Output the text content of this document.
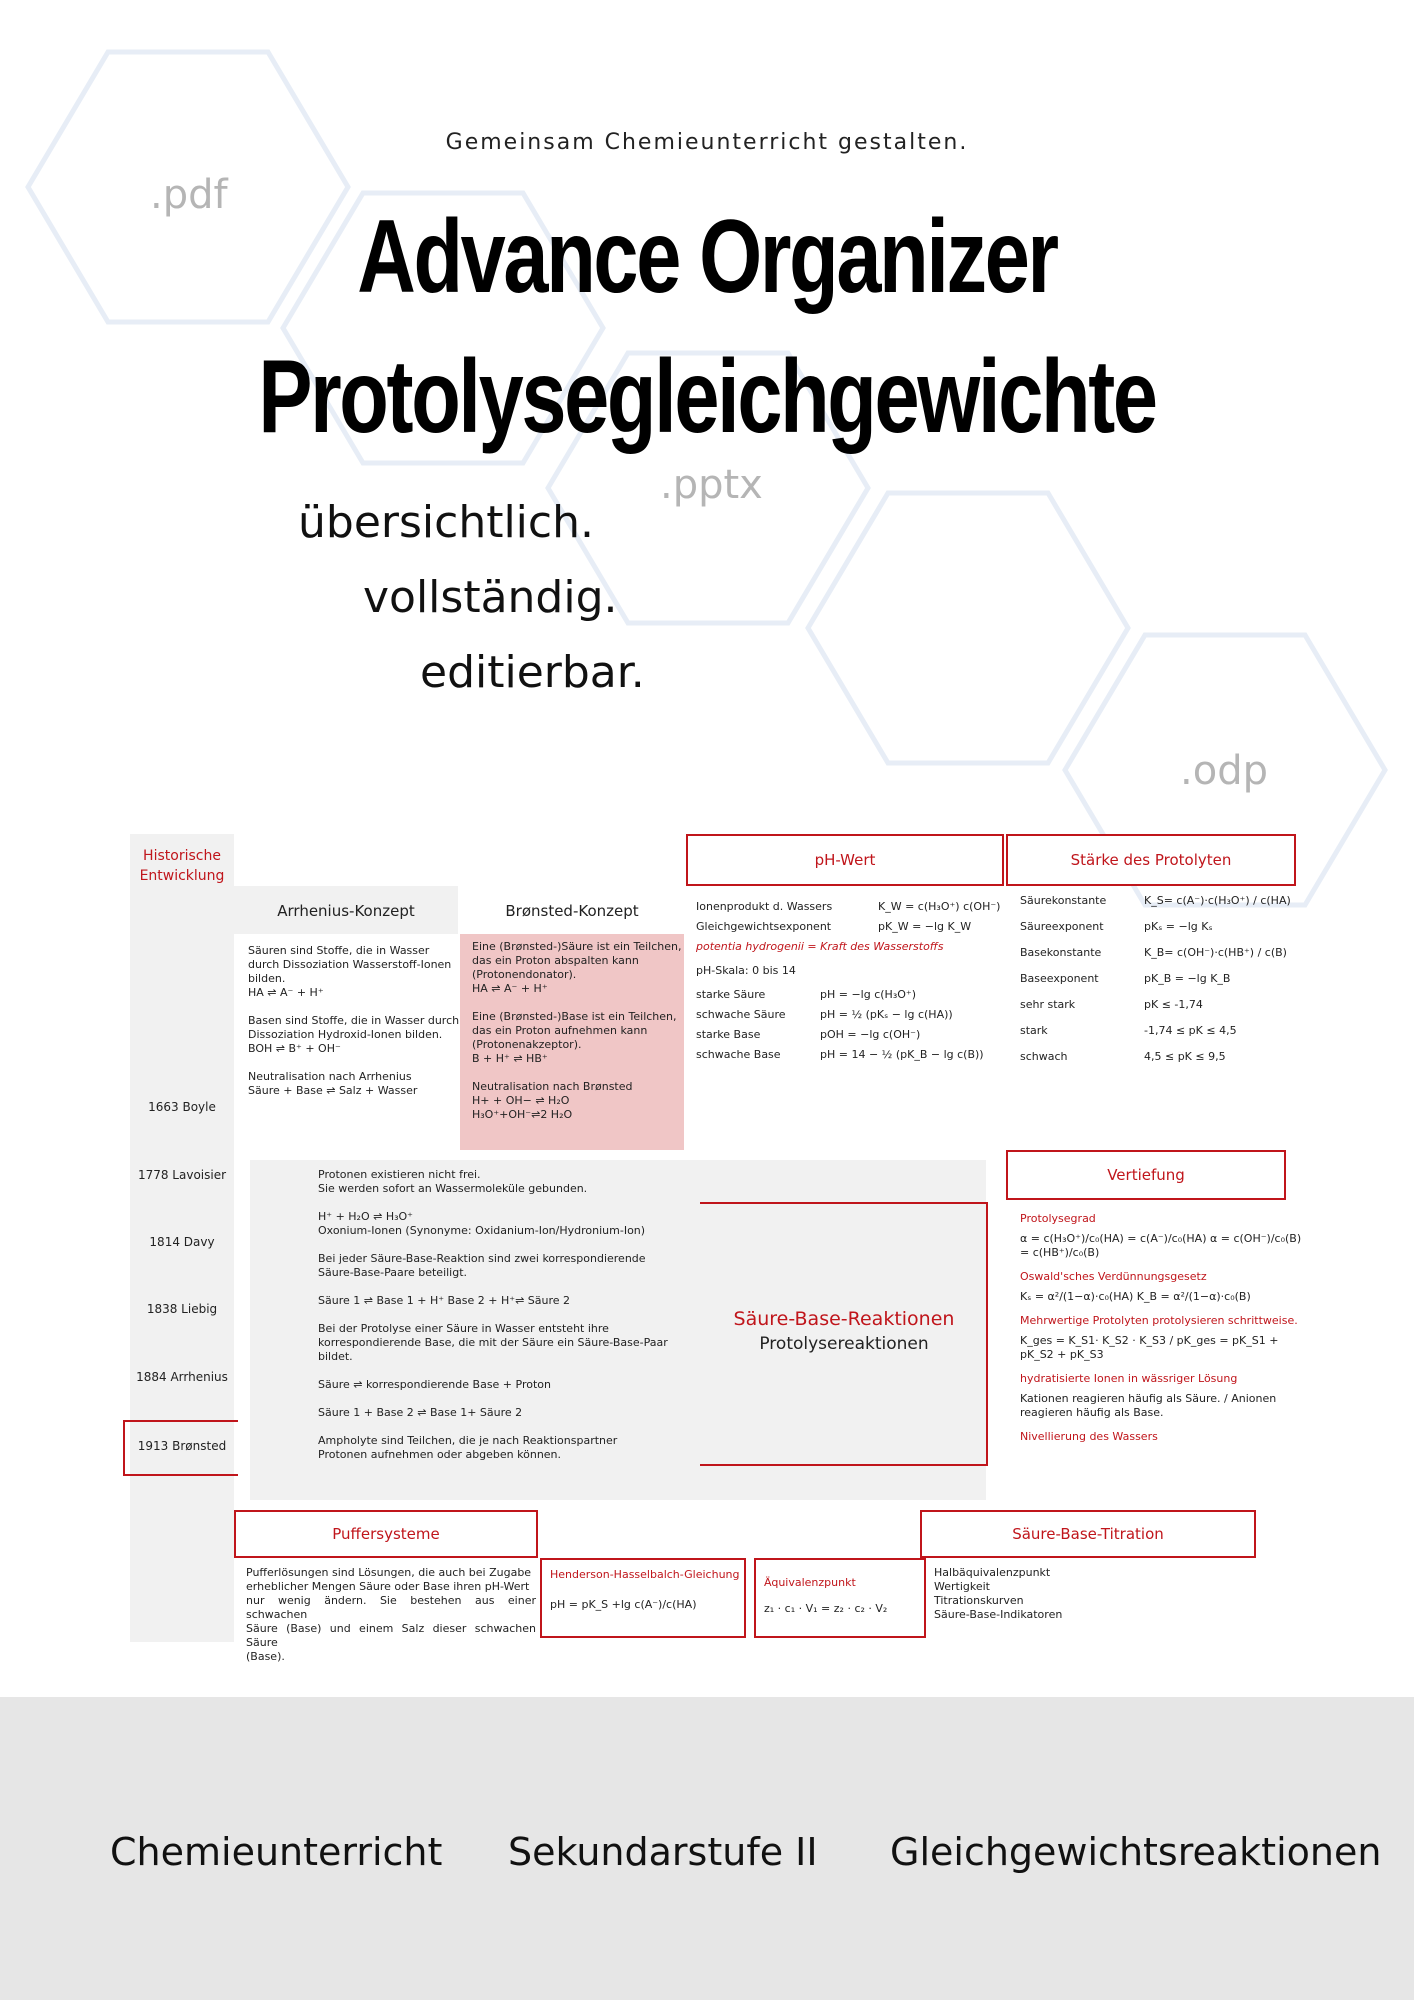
Gemeinsam Chemieunterricht gestalten.
.pdf
.pptx
.odp
Advance Organizer
Protolysegleichgewichte
übersichtlich.
vollständig.
editierbar.
Historische Entwicklung
1663 Boyle
1778 Lavoisier
1814 Davy
1838 Liebig
1884 Arrhenius
1913 Brønsted
Arrhenius-Konzept
Säuren sind Stoffe, die in Wasser
durch Dissoziation Wasserstoff-Ionen
bilden.
HA ⇌ A⁻ + H⁺

Basen sind Stoffe, die in Wasser durch
Dissoziation Hydroxid-Ionen bilden.
BOH ⇌ B⁺ + OH⁻

Neutralisation nach Arrhenius
Säure + Base ⇌ Salz + Wasser
Brønsted-Konzept
Eine (Brønsted-)Säure ist ein Teilchen,
das ein Proton abspalten kann
(Protonendonator).
HA ⇌ A⁻ + H⁺

Eine (Brønsted-)Base ist ein Teilchen,
das ein Proton aufnehmen kann
(Protonenakzeptor).
B + H⁺ ⇌ HB⁺

Neutralisation nach Brønsted
H+ + OH− ⇌ H₂O
H₃O⁺+OH⁻⇌2 H₂O
pH-Wert
Ionenprodukt d. Wassers	K_W = c(H₃O⁺) c(OH⁻)
Gleichgewichtsexponent	pK_W = −lg K_W
potentia hydrogenii = Kraft des Wasserstoffs
pH-Skala: 0 bis 14
starke Säure	pH = −lg c(H₃O⁺)
schwache Säure	pH = ½ (pKₛ − lg c(HA))
starke Base	pOH = −lg c(OH⁻)
schwache Base	pH = 14 − ½ (pK_B − lg c(B))
Stärke des Protolyten
Säurekonstante	K_S= c(A⁻)·c(H₃O⁺) / c(HA)
Säureexponent	pKₛ = −lg Kₛ
Basekonstante	K_B= c(OH⁻)·c(HB⁺) / c(B)
Baseexponent	pK_B = −lg K_B
sehr stark	pK ≤ -1,74
stark	-1,74 ≤ pK ≤ 4,5
schwach	4,5 ≤ pK ≤ 9,5
Protonen existieren nicht frei.
Sie werden sofort an Wassermoleküle gebunden.

H⁺ + H₂O ⇌ H₃O⁺
Oxonium-Ionen (Synonyme: Oxidanium-Ion/Hydronium-Ion)

Bei jeder Säure-Base-Reaktion sind zwei korrespondierende
Säure-Base-Paare beteiligt.

Säure 1 ⇌ Base 1 + H⁺ Base 2 + H⁺⇌ Säure 2

Bei der Protolyse einer Säure in Wasser entsteht ihre
korrespondierende Base, die mit der Säure ein Säure-Base-Paar bildet.

Säure ⇌ korrespondierende Base + Proton

Säure 1 + Base 2 ⇌ Base 1+ Säure 2

Ampholyte sind Teilchen, die je nach Reaktionspartner
Protonen aufnehmen oder abgeben können.
Säure-Base-Reaktionen
Protolysereaktionen
Vertiefung
Protolysegrad
α = c(H₃O⁺)/c₀(HA) = c(A⁻)/c₀(HA) α = c(OH⁻)/c₀(B) = c(HB⁺)/c₀(B)
Oswald'sches Verdünnungsgesetz
Kₛ = α²/(1−α)·c₀(HA) K_B = α²/(1−α)·c₀(B)
Mehrwertige Protolyten protolysieren schrittweise.
K_ges = K_S1· K_S2 · K_S3 / pK_ges = pK_S1 + pK_S2 + pK_S3
hydratisierte Ionen in wässriger Lösung
Kationen reagieren häufig als Säure. / Anionen reagieren häufig als Base.
Nivellierung des Wassers
Puffersysteme
Pufferlösungen sind Lösungen, die auch bei Zugabe
erheblicher Mengen Säure oder Base ihren pH-Wert
nur wenig ändern. Sie bestehen aus einer schwachen
Säure (Base) und einem Salz dieser schwachen Säure
(Base).
Henderson-Hasselbalch-Gleichung
pH = pK_S +lg c(A⁻)/c(HA)
Äquivalenzpunkt
z₁ · c₁ · V₁ = z₂ · c₂ · V₂
Säure-Base-Titration
Halbäquivalenzpunkt
Wertigkeit
Titrationskurven
Säure-Base-Indikatoren
Chemieunterricht Sekundarstufe II Gleichgewichtsreaktionen
